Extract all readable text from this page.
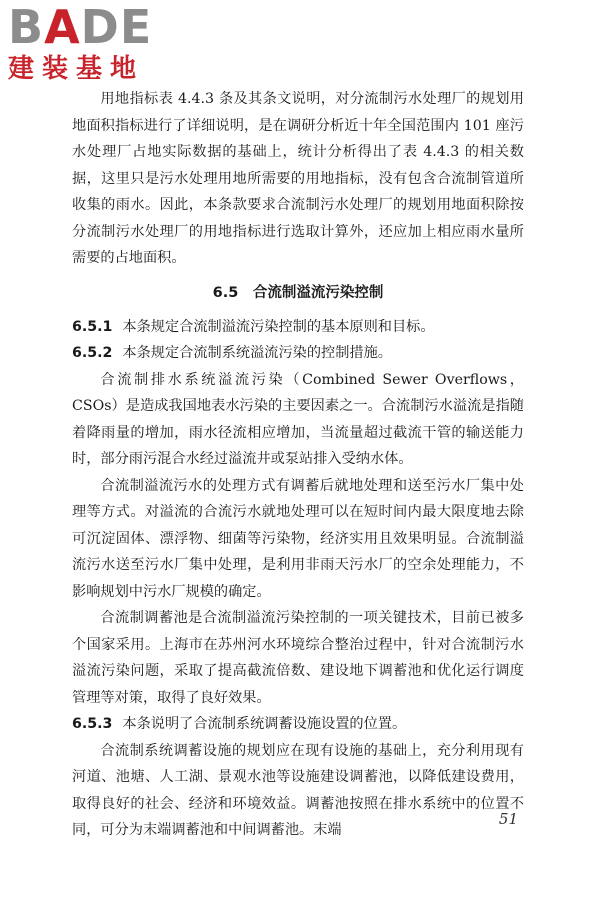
B A DE
建装基地

用地指标表 4.4.3 条及其条文说明，对分流制污水处理厂的规划用地面积指标进行了详细说明，是在调研分析近十年全国范围内 101 座污水处理厂占地实际数据的基础上，统计分析得出了表 4.4.3 的相关数据，这里只是污水处理用地所需要的用地指标，没有包含合流制管道所收集的雨水。因此，本条款要求合流制污水处理厂的规划用地面积除按分流制污水处理厂的用地指标进行选取计算外，还应加上相应雨水量所需要的占地面积。

6.5　合流制溢流污染控制

6.5.1 本条规定合流制溢流污染控制的基本原则和目标。

6.5.2 本条规定合流制系统溢流污染的控制措施。

合流制排水系统溢流污染（Combined Sewer Overflows，CSOs）是造成我国地表水污染的主要因素之一。合流制污水溢流是指随着降雨量的增加，雨水径流相应增加，当流量超过截流干管的输送能力时，部分雨污混合水经过溢流井或泵站排入受纳水体。

合流制溢流污水的处理方式有调蓄后就地处理和送至污水厂集中处理等方式。对溢流的合流污水就地处理可以在短时间内最大限度地去除可沉淀固体、漂浮物、细菌等污染物，经济实用且效果明显。合流制溢流污水送至污水厂集中处理，是利用非雨天污水厂的空余处理能力，不影响规划中污水厂规模的确定。

合流制调蓄池是合流制溢流污染控制的一项关键技术，目前已被多个国家采用。上海市在苏州河水环境综合整治过程中，针对合流制污水溢流污染问题，采取了提高截流倍数、建设地下调蓄池和优化运行调度管理等对策，取得了良好效果。

6.5.3 本条说明了合流制系统调蓄设施设置的位置。

合流制系统调蓄设施的规划应在现有设施的基础上，充分利用现有河道、池塘、人工湖、景观水池等设施建设调蓄池，以降低建设费用，取得良好的社会、经济和环境效益。调蓄池按照在排水系统中的位置不同，可分为末端调蓄池和中间调蓄池。末端

51
